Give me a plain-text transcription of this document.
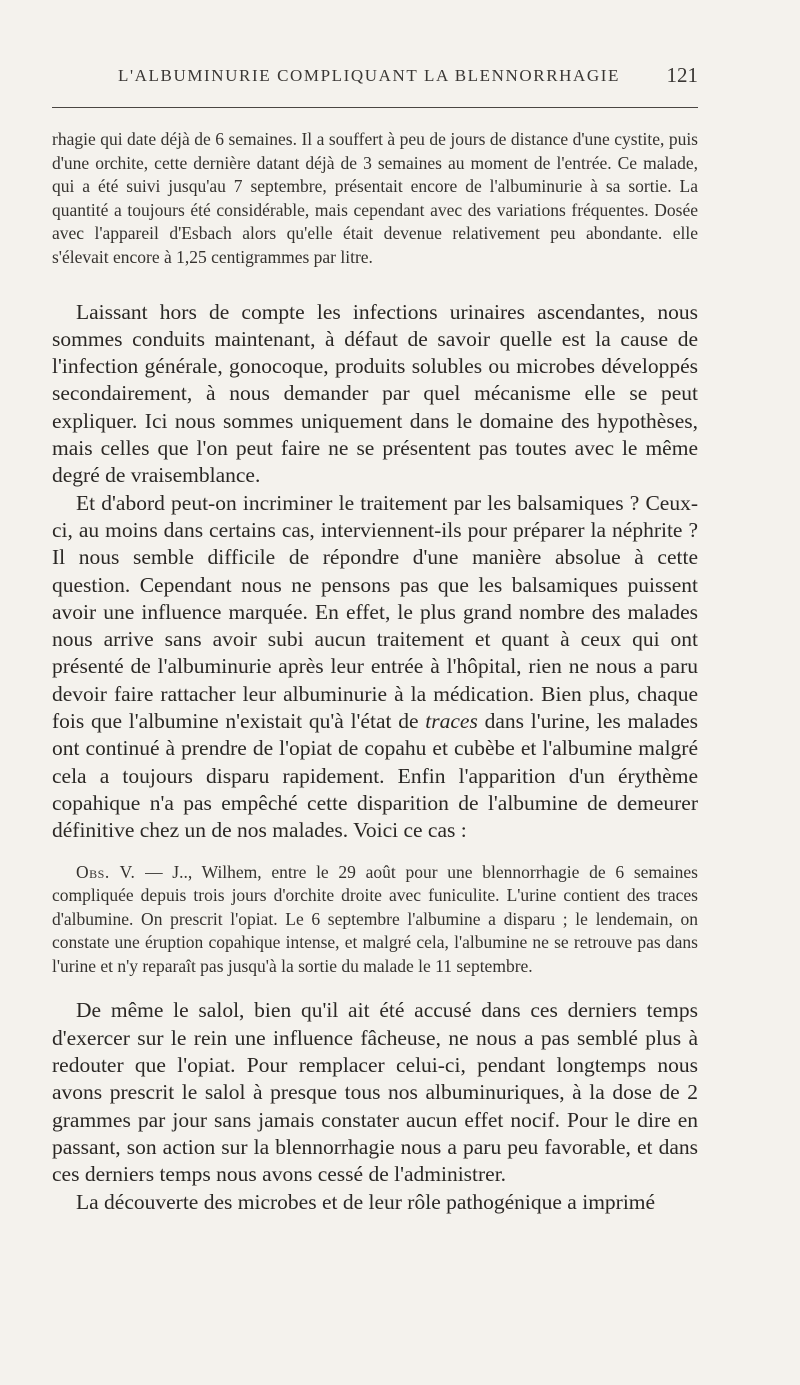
L'ALBUMINURIE COMPLIQUANT LA BLENNORRHAGIE 121

rhagie qui date déjà de 6 semaines. Il a souffert à peu de jours de distance d'une cystite, puis d'une orchite, cette dernière datant déjà de 3 semaines au moment de l'entrée. Ce malade, qui a été suivi jusqu'au 7 septembre, présentait encore de l'albuminurie à sa sortie. La quantité a toujours été considérable, mais cependant avec des variations fréquentes. Dosée avec l'appareil d'Esbach alors qu'elle était devenue relativement peu abondante. elle s'élevait encore à 1,25 centigrammes par litre.

Laissant hors de compte les infections urinaires ascendantes, nous sommes conduits maintenant, à défaut de savoir quelle est la cause de l'infection générale, gonocoque, produits solubles ou microbes développés secondairement, à nous demander par quel mécanisme elle se peut expliquer. Ici nous sommes uniquement dans le domaine des hypothèses, mais celles que l'on peut faire ne se présentent pas toutes avec le même degré de vraisemblance.

Et d'abord peut-on incriminer le traitement par les balsamiques ? Ceux-ci, au moins dans certains cas, interviennent-ils pour préparer la néphrite ? Il nous semble difficile de répondre d'une manière absolue à cette question. Cependant nous ne pensons pas que les balsamiques puissent avoir une influence marquée. En effet, le plus grand nombre des malades nous arrive sans avoir subi aucun traitement et quant à ceux qui ont présenté de l'albuminurie après leur entrée à l'hôpital, rien ne nous a paru devoir faire rattacher leur albuminurie à la médication. Bien plus, chaque fois que l'albumine n'existait qu'à l'état de traces dans l'urine, les malades ont continué à prendre de l'opiat de copahu et cubèbe et l'albumine malgré cela a toujours disparu rapidement. Enfin l'apparition d'un érythème copahique n'a pas empêché cette disparition de l'albumine de demeurer définitive chez un de nos malades. Voici ce cas :

Obs. V. — J.., Wilhem, entre le 29 août pour une blennorrhagie de 6 semaines compliquée depuis trois jours d'orchite droite avec funiculite. L'urine contient des traces d'albumine. On prescrit l'opiat. Le 6 septembre l'albumine a disparu ; le lendemain, on constate une éruption copahique intense, et malgré cela, l'albumine ne se retrouve pas dans l'urine et n'y reparaît pas jusqu'à la sortie du malade le 11 septembre.

De même le salol, bien qu'il ait été accusé dans ces derniers temps d'exercer sur le rein une influence fâcheuse, ne nous a pas semblé plus à redouter que l'opiat. Pour remplacer celui-ci, pendant longtemps nous avons prescrit le salol à presque tous nos albuminuriques, à la dose de 2 grammes par jour sans jamais constater aucun effet nocif. Pour le dire en passant, son action sur la blennorrhagie nous a paru peu favorable, et dans ces derniers temps nous avons cessé de l'administrer.

La découverte des microbes et de leur rôle pathogénique a imprimé
